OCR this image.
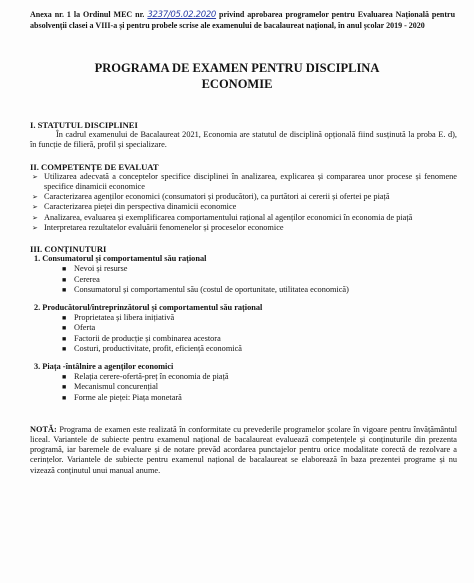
Anexa nr. 1 la Ordinul MEC nr. 3237/05.02.2020 privind aprobarea programelor pentru Evaluarea Națională pentru absolvenții clasei a VIII-a și pentru probele scrise ale examenului de bacalaureat național, în anul școlar 2019 - 2020
PROGRAMA DE EXAMEN PENTRU DISCIPLINA
ECONOMIE
I. STATUTUL DISCIPLINEI
În cadrul examenului de Bacalaureat 2021, Economia are statutul de disciplină opțională fiind susținută la proba E. d), în funcție de filieră, profil și specializare.
II. COMPETENȚE DE EVALUAT
➢ Utilizarea adecvată a conceptelor specifice disciplinei în analizarea, explicarea și compararea unor procese și fenomene specifice dinamicii economice
➢ Caracterizarea agenților economici (consumatori și producători), ca purtători ai cererii și ofertei pe piață
➢ Caracterizarea pieței din perspectiva dinamicii economice
➢ Analizarea, evaluarea și exemplificarea comportamentului rațional al agenților economici în economia de piață
➢ Interpretarea rezultatelor evaluării fenomenelor și proceselor economice
III. CONȚINUTURI
1. Consumatorul și comportamentul său rațional
■ Nevoi și resurse
■ Cererea
■ Consumatorul și comportamentul său (costul de oportunitate, utilitatea economică)
2. Producătorul/întreprinzătorul și comportamentul său rațional
■ Proprietatea și libera inițiativă
■ Oferta
■ Factorii de producție și combinarea acestora
■ Costuri, productivitate, profit, eficiență economică
3. Piața -întâlnire a agenților economici
■ Relația cerere-ofertă-preț în economia de piață
■ Mecanismul concurențial
■ Forme ale pieței: Piața monetară
NOTĂ: Programa de examen este realizată în conformitate cu prevederile programelor școlare în vigoare pentru învățământul liceal. Variantele de subiecte pentru examenul național de bacalaureat evaluează competențele și conținuturile din prezenta programă, iar baremele de evaluare și de notare prevăd acordarea punctajelor pentru orice modalitate corectă de rezolvare a cerințelor. Variantele de subiecte pentru examenul național de bacalaureat se elaborează în baza prezentei programe și nu vizează conținutul unui manual anume.
